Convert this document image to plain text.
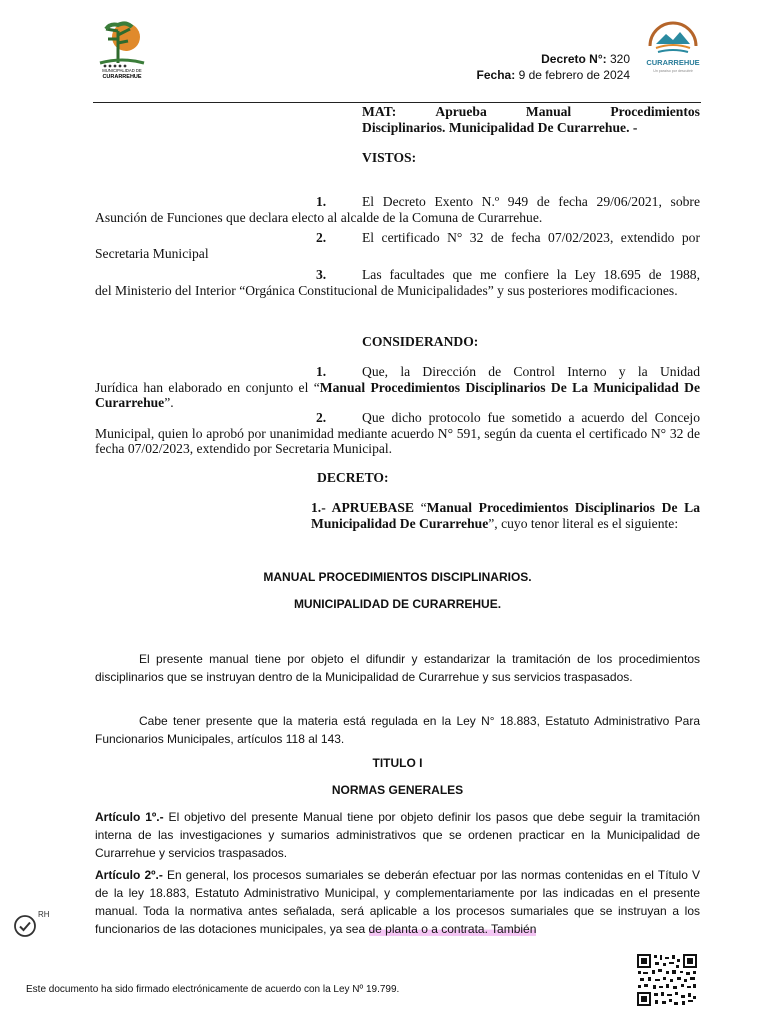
MUNICIPALIDAD DE
CURARREHUE
CURARREHUE
Un paraíso por descubrir
Decreto N°: 320
Fecha: 9 de febrero de 2024
MAT:	Aprueba	Manual	Procedimientos
Disciplinarios. Municipalidad De Curarrehue. -
VISTOS:
1.	El Decreto Exento N.º 949 de fecha 29/06/2021, sobre
Asunción de Funciones que declara electo al alcalde de la Comuna de Curarrehue.
2.	El certificado N° 32 de fecha 07/02/2023, extendido por
Secretaria Municipal
3.	Las facultades que me confiere la Ley 18.695 de 1988,
del Ministerio del Interior “Orgánica Constitucional de Municipalidades” y sus posteriores modificaciones.
CONSIDERANDO:
1.	Que, la Dirección de Control Interno y la Unidad
Jurídica han elaborado en conjunto el “Manual Procedimientos Disciplinarios De La Municipalidad De Curarrehue”.
2.	Que dicho protocolo fue sometido a acuerdo del Concejo
Municipal, quien lo aprobó por unanimidad mediante acuerdo N° 591, según da cuenta el certificado N° 32 de fecha 07/02/2023, extendido por Secretaria Municipal.
DECRETO:

1.- APRUEBASE “Manual Procedimientos Disciplinarios De La Municipalidad De Curarrehue”, cuyo tenor literal es el siguiente:

MANUAL PROCEDIMIENTOS DISCIPLINARIOS.
MUNICIPALIDAD DE CURARREHUE.
El presente manual tiene por objeto el difundir y estandarizar la tramitación de los procedimientos disciplinarios que se instruyan dentro de la Municipalidad de Curarrehue y sus servicios traspasados.
Cabe tener presente que la materia está regulada en la Ley N° 18.883, Estatuto Administrativo Para Funcionarios Municipales, artículos 118 al 143.
TITULO I
NORMAS GENERALES
Artículo 1º.- El objetivo del presente Manual tiene por objeto definir los pasos que debe seguir la tramitación interna de las investigaciones y sumarios administrativos que se ordenen practicar en la Municipalidad de Curarrehue y servicios traspasados.
Artículo 2º.- En general, los procesos sumariales se deberán efectuar por las normas contenidas en el Título V de la ley 18.883, Estatuto Administrativo Municipal, y complementariamente por las indicadas en el presente manual. Toda la normativa antes señalada, será aplicable a los procesos sumariales que se instruyan a los funcionarios de las dotaciones municipales, ya sea de planta o a contrata. También
RH
Este documento ha sido firmado electrónicamente de acuerdo con la Ley Nº 19.799.
